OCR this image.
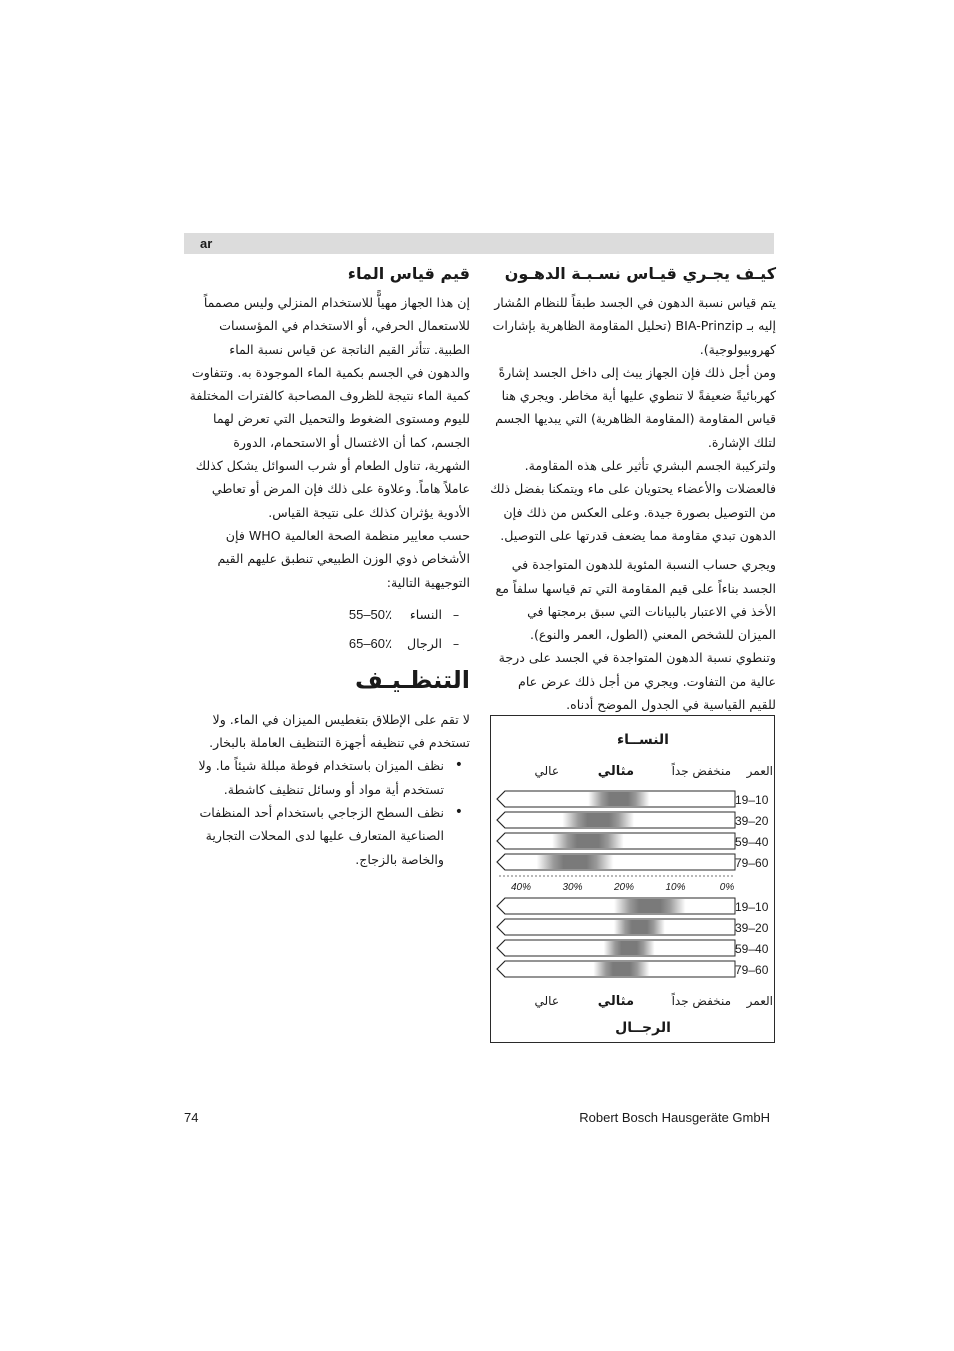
ar
كيـف يجـري قيـاس نسـبـة الدهـون

يتم قياس نسبة الدهون في الجسد طبقاً للنظام المُشار إليه بـ BIA-Prinzip (تحليل المقاومة الظاهرية بإشارات كهروبيولوجية).

ومن أجل ذلك فإن الجهاز يبث إلى داخل الجسد إشارةً كهربائيةً ضعيفةً لا تنطوي عليها أية مخاطر. ويجري هنا قياس المقاومة (المقاومة الظاهرية) التي يبديها الجسم لتلك الإشارة.

ولتركيبة الجسم البشري تأثير على هذه المقاومة. فالعضلات والأعضاء يحتويان على ماء ويتمكنا بفضل ذلك من التوصيل بصورة جيدة. وعلى العكس من ذلك فإن الدهون تبدي مقاومة مما يضعف قدرتها على التوصيل.

ويجري حساب النسبة المئوية للدهون المتواجدة في الجسد بناءاً على قيم المقاومة التي تم قياسها سلفاً مع الأخذ في الاعتبار بالبيانات التي سبق برمجتها في الميزان للشخص المعني (الطول، العمر والنوع). وتنطوي نسبة الدهون المتواجدة في الجسد على درجة عالية من التفاوت. ويجري من أجل ذلك عرض عام للقيم القياسية في الجدول الموضح أدناه.

قيم قياس الماء

إن هذا الجهاز مهياًّ للاستخدام المنزلي وليس مصمماً للاستعمال الحرفي، أو الاستخدام في المؤسسات الطبية. تتأثر القيم الناتجة عن قياس نسبة الماء والدهون في الجسم بكمية الماء الموجودة به. وتتفاوت كمية الماء نتيجة للظروف المصاحبة كالفترات المختلفة لليوم ومستوى الضغوط والتحميل التي تعرض لهما الجسم، كما أن الاغتسال أو الاستحمام، الدورة الشهرية، تناول الطعام أو شرب السوائل يشكل كذلك عاملاً هاماً. وعلاوة على ذلك فإن المرض أو تعاطي الأدوية يؤثران كذلك على نتيجة القياس.

حسب معايير منظمة الصحة العالمية WHO فإن الأشخاص ذوي الوزن الطبيعي تنطبق عليهم القيم التوجيهية التالية:

–
النساء
55–50٪
–
الرجال
65–60٪
التنظـيـف

لا تقم على الإطلاق بتغطيس الميزان في الماء. ولا تستخدم في تنظيفه أجهزة التنظيف العاملة بالبخار.

• نظف الميزان باستخدام فوطة مبللة شيئاً ما. ولا تستخدم أية مواد أو وسائل تنظيف كاشطة.
• نظف السطح الزجاجي باستخدام أحد المنظفات الصناعية المتعارف عليها لدى المحلات التجارية والخاصة بالزجاج.
النســاء
العمر
منخفض جداً
مثالي
عالي
19–10
39–20
59–40
79–60
0%
10%
20%
30%
40%
19–10
39–20
59–40
79–60
العمر
منخفض جداً
مثالي
عالي
الرجــال
74	Robert Bosch Hausgeräte GmbH
